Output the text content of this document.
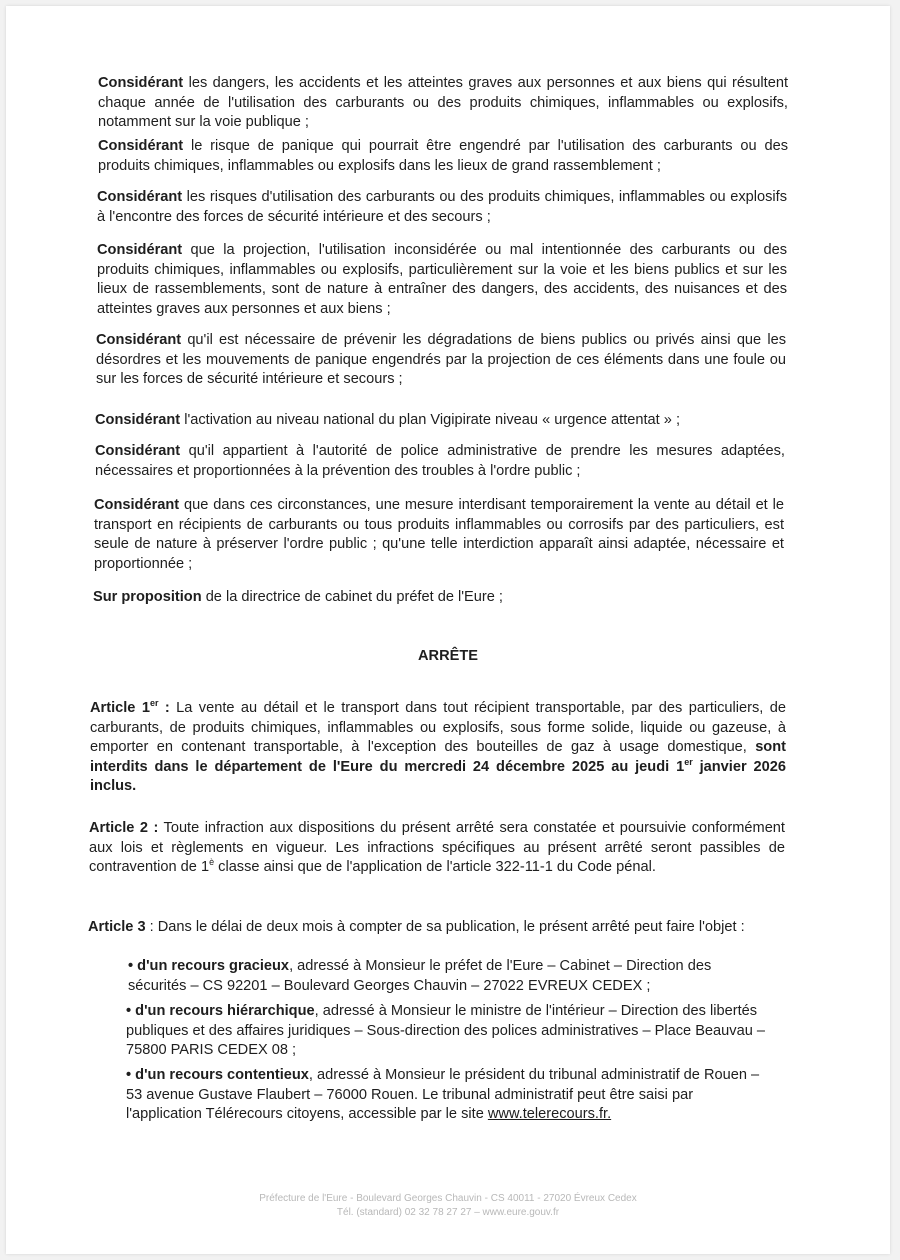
Considérant les dangers, les accidents et les atteintes graves aux personnes et aux biens qui résultent chaque année de l'utilisation des carburants ou des produits chimiques, inflammables ou explosifs, notamment sur la voie publique ;

Considérant le risque de panique qui pourrait être engendré par l'utilisation des carburants ou des produits chimiques, inflammables ou explosifs dans les lieux de grand rassemblement ;

Considérant les risques d'utilisation des carburants ou des produits chimiques, inflammables ou explosifs à l'encontre des forces de sécurité intérieure et des secours ;

Considérant que la projection, l'utilisation inconsidérée ou mal intentionnée des carburants ou des produits chimiques, inflammables ou explosifs, particulièrement sur la voie et les biens publics et sur les lieux de rassemblements, sont de nature à entraîner des dangers, des accidents, des nuisances et des atteintes graves aux personnes et aux biens ;

Considérant qu'il est nécessaire de prévenir les dégradations de biens publics ou privés ainsi que les désordres et les mouvements de panique engendrés par la projection de ces éléments dans une foule ou sur les forces de sécurité intérieure et secours ;

Considérant l'activation au niveau national du plan Vigipirate niveau « urgence attentat » ;

Considérant qu'il appartient à l'autorité de police administrative de prendre les mesures adaptées, nécessaires et proportionnées à la prévention des troubles à l'ordre public ;

Considérant que dans ces circonstances, une mesure interdisant temporairement la vente au détail et le transport en récipients de carburants ou tous produits inflammables ou corrosifs par des particuliers, est seule de nature à préserver l'ordre public ; qu'une telle interdiction apparaît ainsi adaptée, nécessaire et proportionnée ;

Sur proposition de la directrice de cabinet du préfet de l'Eure ;

ARRÊTE

Article 1er : La vente au détail et le transport dans tout récipient transportable, par des particuliers, de carburants, de produits chimiques, inflammables ou explosifs, sous forme solide, liquide ou gazeuse, à emporter en contenant transportable, à l'exception des bouteilles de gaz à usage domestique, sont interdits dans le département de l'Eure du mercredi 24 décembre 2025 au jeudi 1er janvier 2026 inclus.

Article 2 : Toute infraction aux dispositions du présent arrêté sera constatée et poursuivie conformément aux lois et règlements en vigueur. Les infractions spécifiques au présent arrêté seront passibles de contravention de $1^è$ classe ainsi que de l'application de l'article 322-11-1 du Code pénal.

Article 3 : Dans le délai de deux mois à compter de sa publication, le présent arrêté peut faire l'objet :

• d'un recours gracieux, adressé à Monsieur le préfet de l'Eure – Cabinet – Direction des sécurités – CS 92201 – Boulevard Georges Chauvin – 27022 EVREUX CEDEX ;

• d'un recours hiérarchique, adressé à Monsieur le ministre de l'intérieur – Direction des libertés publiques et des affaires juridiques – Sous-direction des polices administratives – Place Beauvau – 75800 PARIS CEDEX 08 ;

• d'un recours contentieux, adressé à Monsieur le président du tribunal administratif de Rouen – 53 avenue Gustave Flaubert – 76000 Rouen. Le tribunal administratif peut être saisi par l'application Télérecours citoyens, accessible par le site www.telerecours.fr.

Préfecture de l'Eure - Boulevard Georges Chauvin - CS 40011 - 27020 Évreux Cedex
Tél. (standard) 02 32 78 27 27 – www.eure.gouv.fr
